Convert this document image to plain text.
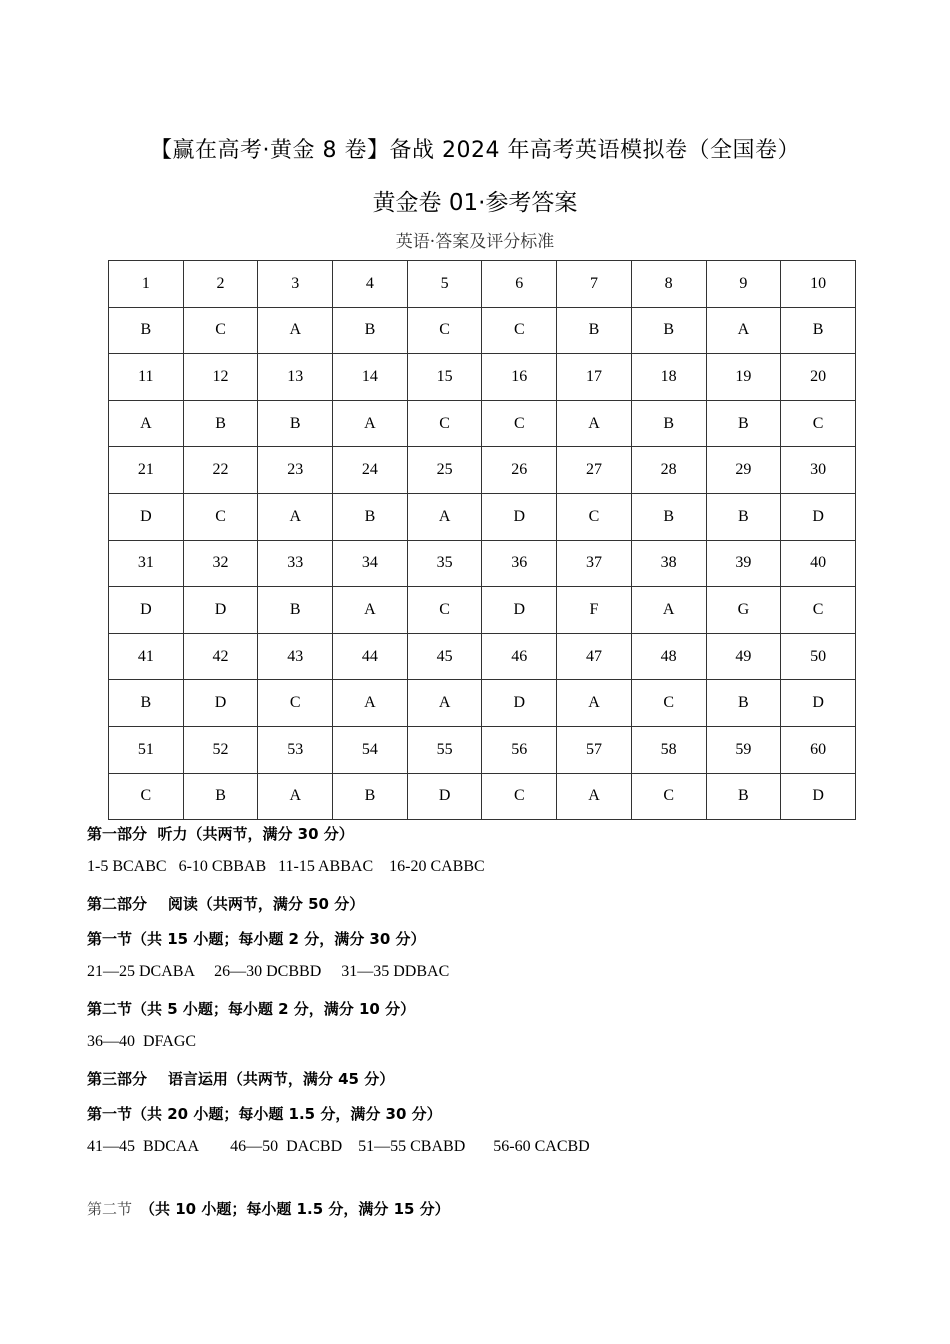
【赢在高考·黄金 8 卷】备战 2024 年高考英语模拟卷（全国卷）
黄金卷 01·参考答案
英语·答案及评分标准
1	2	3	4	5	6	7	8	9	10
B	C	A	B	C	C	B	B	A	B
11	12	13	14	15	16	17	18	19	20
A	B	B	A	C	C	A	B	B	C
21	22	23	24	25	26	27	28	29	30
D	C	A	B	A	D	C	B	B	D
31	32	33	34	35	36	37	38	39	40
D	D	B	A	C	D	F	A	G	C
41	42	43	44	45	46	47	48	49	50
B	D	C	A	A	D	A	C	B	D
51	52	53	54	55	56	57	58	59	60
C	B	A	B	D	C	A	C	B	D
第一部分  听力（共两节，满分 30 分）
1-5 BCABC   6-10 CBBAB   11-15 ABBAC    16-20 CABBC
第二部分    阅读（共两节，满分 50 分）
第一节（共 15 小题；每小题 2 分，满分 30 分）
21—25 DCABA     26—30 DCBBD     31—35 DDBAC
第二节（共 5 小题；每小题 2 分，满分 10 分）
36—40  DFAGC
第三部分    语言运用（共两节，满分 45 分）
第一节（共 20 小题；每小题 1.5 分，满分 30 分）
41—45  BDCAA        46—50  DACBD    51—55 CBABD       56-60 CACBD
第二节 （共 10 小题；每小题 1.5 分，满分 15 分）
